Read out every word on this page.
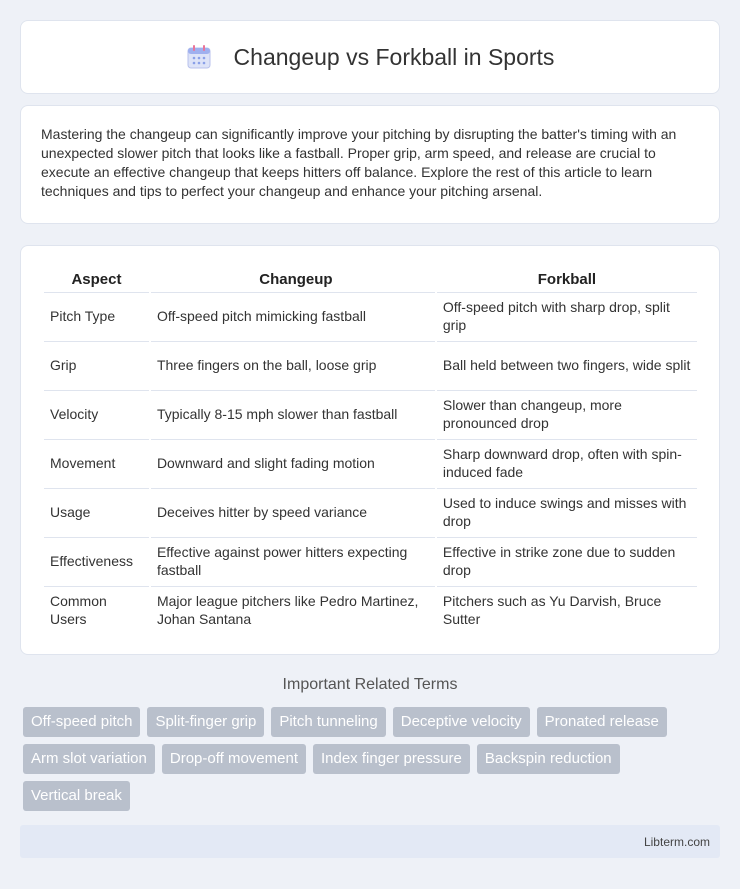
Changeup vs Forkball in Sports

Mastering the changeup can significantly improve your pitching by disrupting the batter's timing with an unexpected slower pitch that looks like a fastball. Proper grip, arm speed, and release are crucial to execute an effective changeup that keeps hitters off balance. Explore the rest of this article to learn techniques and tips to perfect your changeup and enhance your pitching arsenal.

Aspect	Changeup	Forkball
Pitch Type	Off-speed pitch mimicking fastball	Off-speed pitch with sharp drop, split grip
Grip	Three fingers on the ball, loose grip	Ball held between two fingers, wide split
Velocity	Typically 8-15 mph slower than fastball	Slower than changeup, more pronounced drop
Movement	Downward and slight fading motion	Sharp downward drop, often with spin-induced fade
Usage	Deceives hitter by speed variance	Used to induce swings and misses with drop
Effectiveness	Effective against power hitters expecting fastball	Effective in strike zone due to sudden drop
Common Users	Major league pitchers like Pedro Martinez, Johan Santana	Pitchers such as Yu Darvish, Bruce Sutter
Important Related Terms
Off-speed pitch	Split-finger grip	Pitch tunneling	Deceptive velocity	Pronated release
Arm slot variation	Drop-off movement	Index finger pressure	Backspin reduction
Vertical break
Libterm.com
